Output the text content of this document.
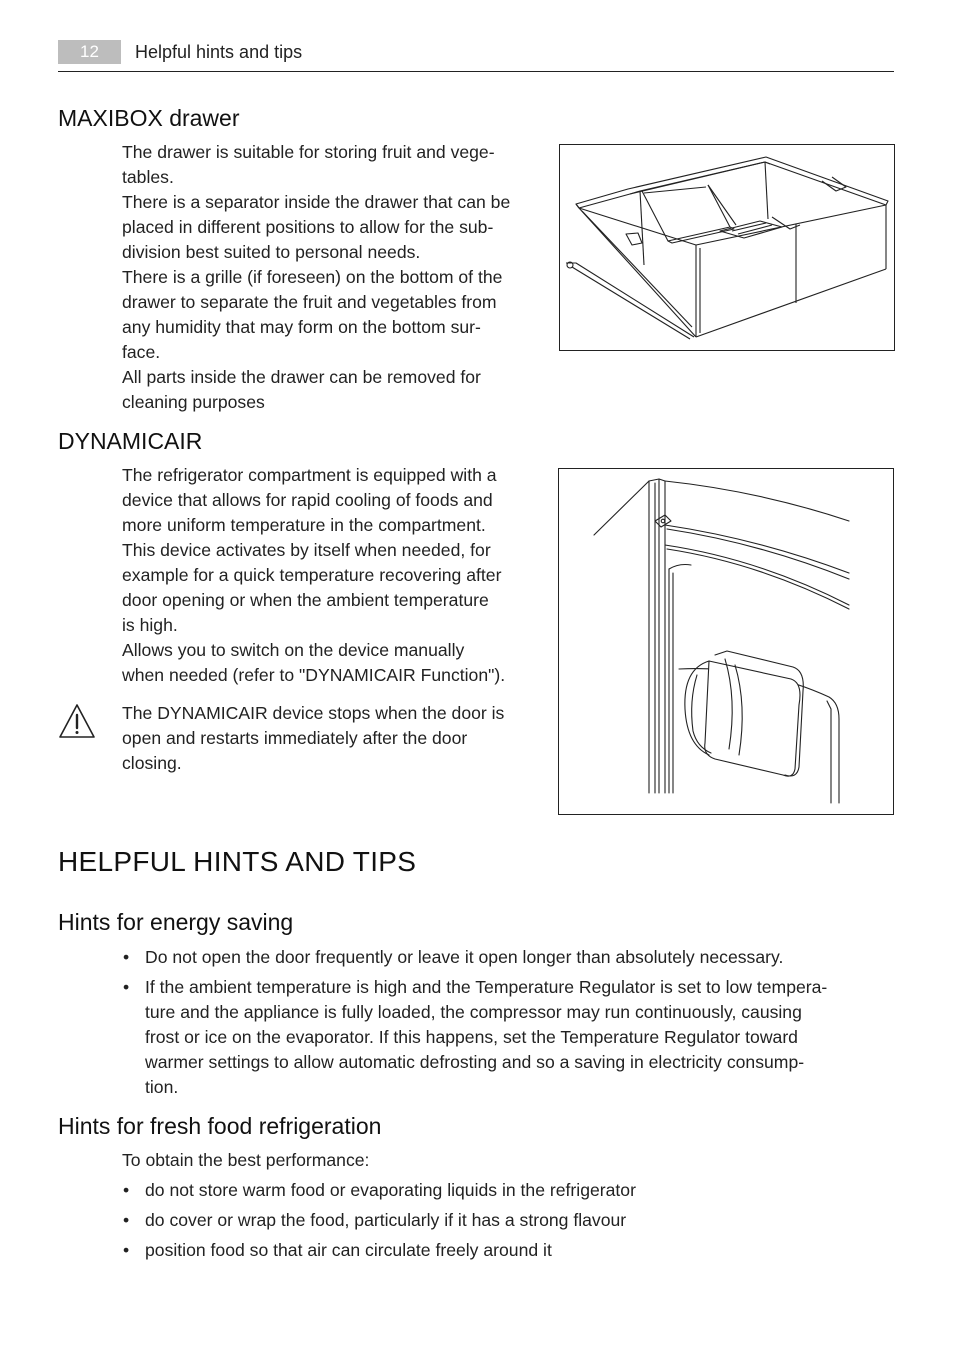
12	Helpful hints and tips
MAXIBOX drawer

The drawer is suitable for storing fruit and vege-

tables.

There is a separator inside the drawer that can be

placed in different positions to allow for the sub-

division best suited to personal needs.

There is a grille (if foreseen) on the bottom of the

drawer to separate the fruit and vegetables from

any humidity that may form on the bottom sur-

face.

All parts inside the drawer can be removed for

cleaning purposes

DYNAMICAIR

The refrigerator compartment is equipped with a

device that allows for rapid cooling of foods and

more uniform temperature in the compartment.

This device activates by itself when needed, for

example for a quick temperature recovering after

door opening or when the ambient temperature

is high.

Allows you to switch on the device manually

when needed (refer to "DYNAMICAIR Function").

The DYNAMICAIR device stops when the door is

open and restarts immediately after the door

closing.

HELPFUL HINTS AND TIPS
Hints for energy saving
• Do not open the door frequently or leave it open longer than absolutely necessary.
• If the ambient temperature is high and the Temperature Regulator is set to low tempera-
ture and the appliance is fully loaded, the compressor may run continuously, causing
frost or ice on the evaporator. If this happens, set the Temperature Regulator toward
warmer settings to allow automatic defrosting and so a saving in electricity consump-
tion.
Hints for fresh food refrigeration
To obtain the best performance:
• do not store warm food or evaporating liquids in the refrigerator
• do cover or wrap the food, particularly if it has a strong flavour
• position food so that air can circulate freely around it
